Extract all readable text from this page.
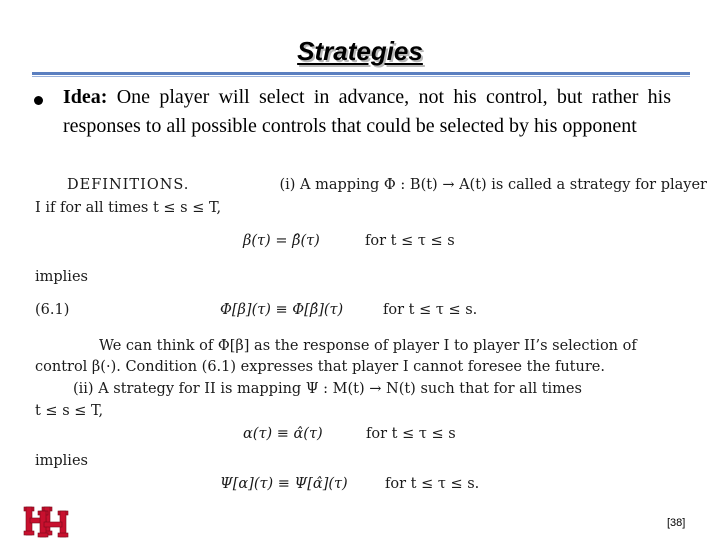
Strategies
Idea: One player will select in advance, not his control, but rather his responses to all possible controls that could be selected by his opponent
DEFINITIONS.	(i) A mapping Φ : B(t) → A(t) is called a strategy for player
I if for all times t ≤ s ≤ T,
β(τ) = β̂(τ)	for t ≤ τ ≤ s
implies
(6.1)	Φ[β](τ) ≡ Φ[β̂](τ)	for t ≤ τ ≤ s.
We can think of Φ[β] as the response of player I to player II’s selection of
control β(·). Condition (6.1) expresses that player I cannot foresee the future.
(ii) A strategy for II is mapping Ψ : M(t) → N(t) such that for all times
t ≤ s ≤ T,
α(τ) ≡ α̂(τ)	for t ≤ τ ≤ s
implies
Ψ[α](τ) ≡ Ψ[α̂](τ)	for t ≤ τ ≤ s.
[38]
